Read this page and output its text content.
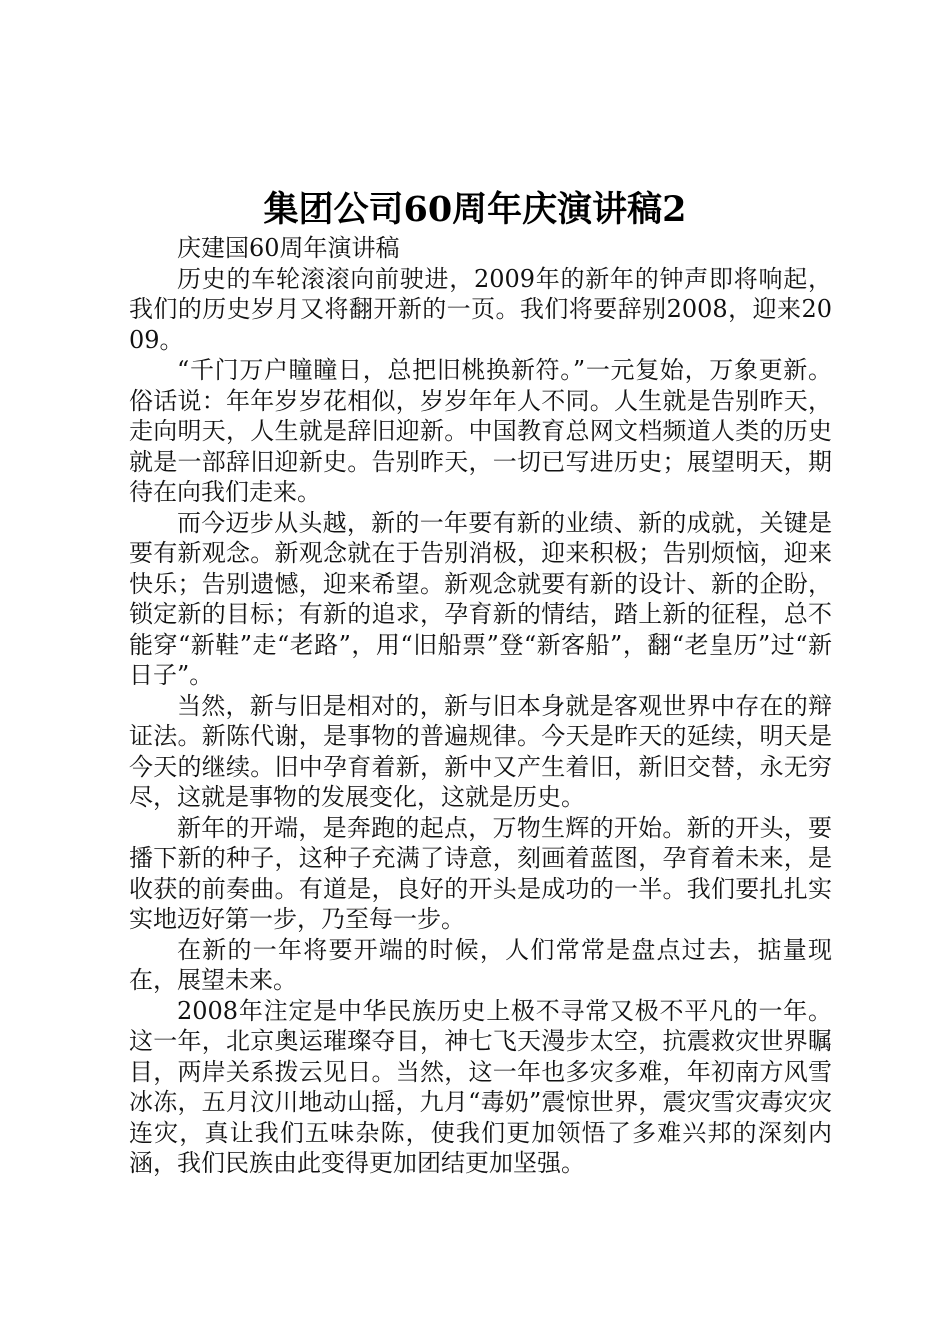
集团公司60周年庆演讲稿2

庆建国60周年演讲稿

历史的车轮滚滚向前驶进，2009年的新年的钟声即将响起，我们的历史岁月又将翻开新的一页。我们将要辞别2008，迎来2009。

“千门万户瞳瞳日，总把旧桃换新符。”一元复始，万象更新。俗话说：年年岁岁花相似，岁岁年年人不同。人生就是告别昨天，走向明天，人生就是辞旧迎新。中国教育总网文档频道人类的历史就是一部辞旧迎新史。告别昨天，一切已写进历史；展望明天，期待在向我们走来。

而今迈步从头越，新的一年要有新的业绩、新的成就，关键是要有新观念。新观念就在于告别消极，迎来积极；告别烦恼，迎来快乐；告别遗憾，迎来希望。新观念就要有新的设计、新的企盼，锁定新的目标；有新的追求，孕育新的情结，踏上新的征程，总不能穿“新鞋”走“老路”，用“旧船票”登“新客船”，翻“老皇历”过“新日子”。

当然，新与旧是相对的，新与旧本身就是客观世界中存在的辩证法。新陈代谢，是事物的普遍规律。今天是昨天的延续，明天是今天的继续。旧中孕育着新，新中又产生着旧，新旧交替，永无穷尽，这就是事物的发展变化，这就是历史。

新年的开端，是奔跑的起点，万物生辉的开始。新的开头，要播下新的种子，这种子充满了诗意，刻画着蓝图，孕育着未来，是收获的前奏曲。有道是，良好的开头是成功的一半。我们要扎扎实实地迈好第一步，乃至每一步。

在新的一年将要开端的时候，人们常常是盘点过去，掂量现在，展望未来。

2008年注定是中华民族历史上极不寻常又极不平凡的一年。这一年，北京奥运璀璨夺目，神七飞天漫步太空，抗震救灾世界瞩目，两岸关系拨云见日。当然，这一年也多灾多难，年初南方风雪冰冻，五月汶川地动山摇，九月“毒奶”震惊世界，震灾雪灾毒灾灾连灾，真让我们五味杂陈，使我们更加领悟了多难兴邦的深刻内涵，我们民族由此变得更加团结更加坚强。
